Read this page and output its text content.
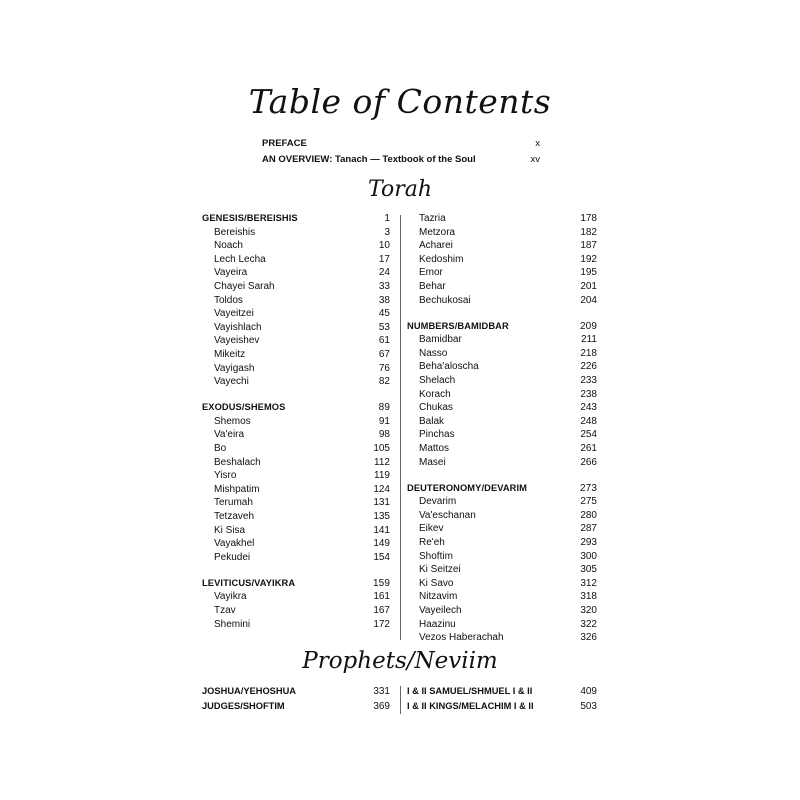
Table of Contents
PREFACE	x
AN OVERVIEW: Tanach — Textbook of the Soul	xv
Torah
GENESIS/BEREISHIS	1
Bereishis	3
Noach	10
Lech Lecha	17
Vayeira	24
Chayei Sarah	33
Toldos	38
Vayeitzei	45
Vayishlach	53
Vayeishev	61
Mikeitz	67
Vayigash	76
Vayechi	82
EXODUS/SHEMOS	89
Shemos	91
Va'eira	98
Bo	105
Beshalach	112
Yisro	119
Mishpatim	124
Terumah	131
Tetzaveh	135
Ki Sisa	141
Vayakhel	149
Pekudei	154
LEVITICUS/VAYIKRA	159
Vayikra	161
Tzav	167
Shemini	172
Tazria	178
Metzora	182
Acharei	187
Kedoshim	192
Emor	195
Behar	201
Bechukosai	204
NUMBERS/BAMIDBAR	209
Bamidbar	211
Nasso	218
Beha'aloscha	226
Shelach	233
Korach	238
Chukas	243
Balak	248
Pinchas	254
Mattos	261
Masei	266
DEUTERONOMY/DEVARIM	273
Devarim	275
Va'eschanan	280
Eikev	287
Re'eh	293
Shoftim	300
Ki Seitzei	305
Ki Savo	312
Nitzavim	318
Vayeilech	320
Haazinu	322
Vezos Haberachah	326
Prophets/Neviim
JOSHUA/YEHOSHUA	331
JUDGES/SHOFTIM	369
I & II SAMUEL/SHMUEL I & II	409
I & II KINGS/MELACHIM I & II	503
